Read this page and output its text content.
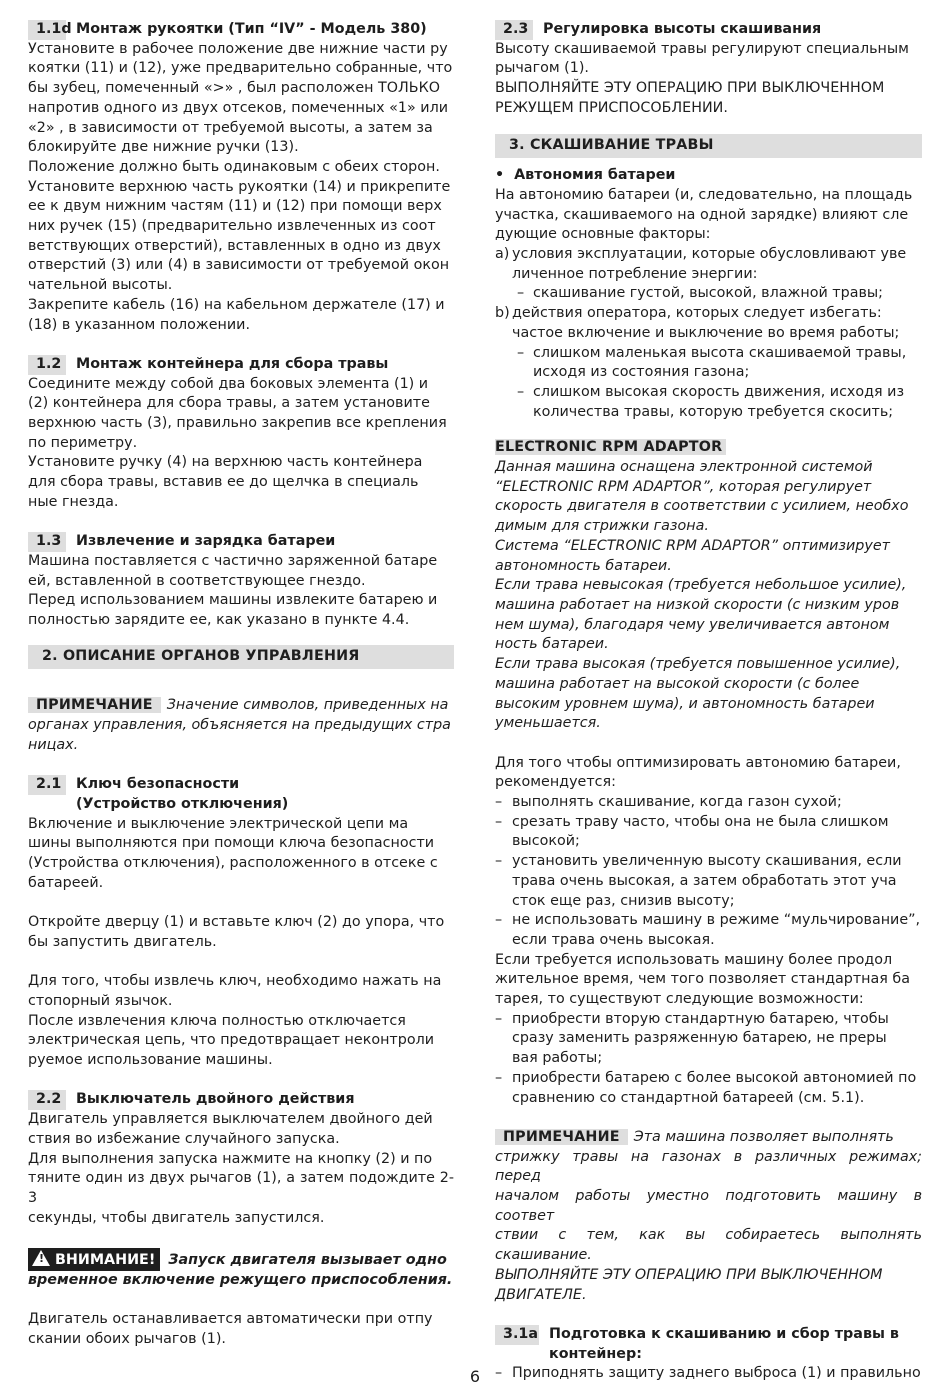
1.1d Монтаж рукоятки (Тип “IV” - Модель 380)
Установите в рабочее положение две нижние части ру
коятки (11) и (12), уже предварительно собранные, что
бы зубец, помеченный «>» , был расположен ТОЛЬКО
напротив одного из двух отсеков, помеченных «1» или
«2» , в зависимости от требуемой высоты, а затем за
блокируйте две нижние ручки (13).
Положение должно быть одинаковым с обеих сторон.
Установите верхнюю часть рукоятки (14) и прикрепите
ее к двум нижним частям (11) и (12) при помощи верх
них ручек (15) (предварительно извлеченных из соот
ветствующих отверстий), вставленных в одно из двух
отверстий (3) или (4) в зависимости от требуемой окон
чательной высоты.
Закрепите кабель (16) на кабельном держателе (17) и
(18) в указанном положении.
1.2	Монтаж контейнера для сбора травы
Соедините между собой два боковых элемента (1) и
(2) контейнера для сбора травы, а затем установите
верхнюю часть (3), правильно закрепив все крепления
по периметру.
Установите ручку (4) на верхнюю часть контейнера
для сбора травы, вставив ее до щелчка в специаль
ные гнезда.
1.3	Извлечение и зарядка батареи
Машина поставляется с частично заряженной батаре
ей, вставленной в соответствующее гнездо.
Перед использованием машины извлеките батарею и
полностью зарядите ее, как указано в пункте 4.4.
2. ОПИСАНИЕ ОРГАНОВ УПРАВЛЕНИЯ

ПРИМЕЧАНИЕ Значение символов, приведенных на

органах управления, объясняется на предыдущих стра
ницах.
2.1	Ключ безопасности
(Устройство отключения)
Включение и выключение электрической цепи ма
шины выполняются при помощи ключа безопасности
(Устройства отключения), расположенного в отсеке с
батареей.
Откройте дверцу (1) и вставьте ключ (2) до упора, что
бы запустить двигатель.
Для того, чтобы извлечь ключ, необходимо нажать на
стопорный язычок.
После извлечения ключа полностью отключается
электрическая цепь, что предотвращает неконтроли
руемое использование машины.
2.2	Выключатель двойного действия
Двигатель управляется выключателем двойного дей
ствия во избежание случайного запуска.
Для выполнения запуска нажмите на кнопку (2) и по
тяните один из двух рычагов (1), а затем подождите 2-3
секунды, чтобы двигатель запустился.

! ВНИМАНИЕ! Запуск двигателя вызывает одно

временное включение режущего приспособления.

Двигатель останавливается автоматически при отпу
скании обоих рычагов (1).
2.3	Регулировка высоты скашивания
Высоту скашиваемой травы регулируют специальным
рычагом (1).
ВЫПОЛНЯЙТЕ ЭТУ ОПЕРАЦИЮ ПРИ ВЫКЛЮЧЕННОМ
РЕЖУЩЕМ ПРИСПОСОБЛЕНИИ.
3. СКАШИВАНИЕ ТРАВЫ

• Автономия батареи

На автономию батареи (и, следовательно, на площадь
участка, скашиваемого на одной зарядке) влияют сле
дующие основные факторы:
a) условия эксплуатации, которые обусловливают уве
личенное потребление энергии:
– скашивание густой, высокой, влажной травы;
b) действия оператора, которых следует избегать:
частое включение и выключение во время работы;
– слишком маленькая высота скашиваемой травы,
исходя из состояния газона;
– слишком высокая скорость движения, исходя из
количества травы, которую требуется скосить;

ELECTRONIC RPM ADAPTOR

Данная машина оснащена электронной системой
“ELECTRONIC RPM ADAPTOR”, которая регулирует
скорость двигателя в соответствии с усилием, необхо
димым для стрижки газона.
Система “ELECTRONIC RPM ADAPTOR” оптимизирует
автономность батареи.
Если трава невысокая (требуется небольшое усилие),
машина работает на низкой скорости (с низким уров
нем шума), благодаря чему увеличивается автоном
ность батареи.
Если трава высокая (требуется повышенное усилие),
машина работает на высокой скорости (с более
высоким уровнем шума), и автономность батареи
уменьшается.
Для того чтобы оптимизировать автономию батареи,
рекомендуется:
– выполнять скашивание, когда газон сухой;
– срезать траву часто, чтобы она не была слишком
высокой;
– установить увеличенную высоту скашивания, если
трава очень высокая, а затем обработать этот уча
сток еще раз, снизив высоту;
– не использовать машину в режиме “мульчирование”,
если трава очень высокая.
Если требуется использовать машину более продол
жительное время, чем того позволяет стандартная ба
тарея, то существуют следующие возможности:
– приобрести вторую стандартную батарею, чтобы
сразу заменить разряженную батарею, не преры
вая работы;
– приобрести батарею с более высокой автономией по
сравнению со стандартной батареей (см. 5.1).

ПРИМЕЧАНИЕ Эта машина позволяет выполнять

стрижку травы на газонах в различных режимах; перед
началом работы уместно подготовить машину в соответ
ствии с тем, как вы собираетесь выполнять скашивание.
ВЫПОЛНЯЙТЕ ЭТУ ОПЕРАЦИЮ ПРИ ВЫКЛЮЧЕННОМ
ДВИГАТЕЛЕ.
3.1a Подготовка к скашиванию и сбор травы в
контейнер:
– Приподнять защиту заднего выброса (1) и правильно
6
